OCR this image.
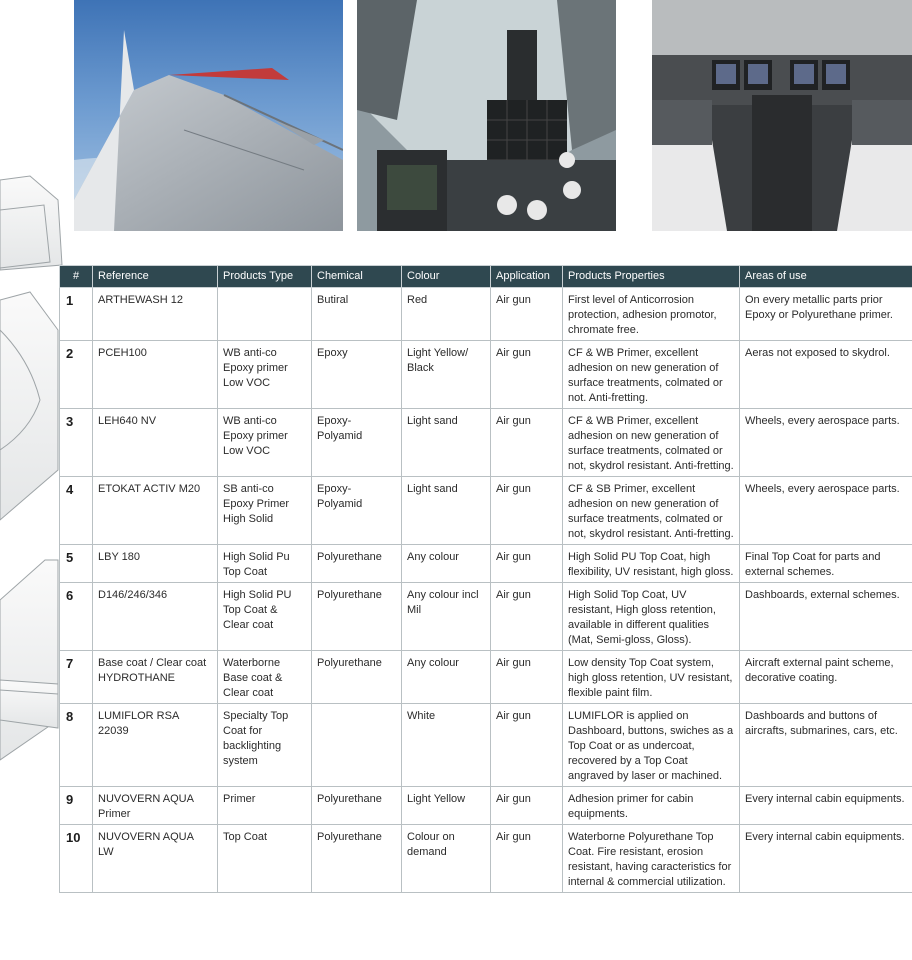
#	Reference	Products Type	Chemical	Colour	Application	Products Properties	Areas of use
1	ARTHEWASH 12		Butiral	Red	Air gun	First level of Anticorrosion protection, adhesion promotor, chromate free.	On every metallic parts prior Epoxy or Polyurethane primer.
2	PCEH100	WB anti-co Epoxy primer Low VOC	Epoxy	Light Yellow/ Black	Air gun	CF & WB Primer, excellent adhesion on new generation of surface treatments, colmated or not. Anti-fretting.	Aeras not exposed to skydrol.
3	LEH640 NV	WB anti-co Epoxy primer Low VOC	Epoxy-Polyamid	Light sand	Air gun	CF & WB Primer, excellent adhesion on new generation of surface treatments, colmated or not, skydrol resistant. Anti-fretting.	Wheels, every aerospace parts.
4	ETOKAT ACTIV M20	SB anti-co Epoxy Primer High Solid	Epoxy-Polyamid	Light sand	Air gun	CF & SB Primer, excellent adhesion on new generation of surface treatments, colmated or not, skydrol resistant. Anti-fretting.	Wheels, every aerospace parts.
5	LBY 180	High Solid Pu Top Coat	Polyurethane	Any colour	Air gun	High Solid PU Top Coat, high flexibility, UV resistant, high gloss.	Final Top Coat for parts and external schemes.
6	D146/246/346	High Solid PU Top Coat & Clear coat	Polyurethane	Any colour incl Mil	Air gun	High Solid Top Coat, UV resistant, High gloss retention, available in different qualities (Mat, Semi-gloss, Gloss).	Dashboards, external schemes.
7	Base coat / Clear coat HYDROTHANE	Waterborne Base coat & Clear coat	Polyurethane	Any colour	Air gun	Low density Top Coat system, high gloss retention, UV resistant, flexible paint film.	Aircraft external paint scheme, decorative coating.
8	LUMIFLOR RSA 22039	Specialty Top Coat for backlighting system		White	Air gun	LUMIFLOR is applied on Dashboard, buttons, swiches as a Top Coat or as undercoat, recovered by a Top Coat angraved by laser or machined.	Dashboards and buttons of aircrafts, submarines, cars, etc.
9	NUVOVERN AQUA Primer	Primer	Polyurethane	Light Yellow	Air gun	Adhesion primer for cabin equipments.	Every internal cabin equipments.
10	NUVOVERN AQUA LW	Top Coat	Polyurethane	Colour on demand	Air gun	Waterborne Polyurethane Top Coat. Fire resistant, erosion resistant, having caracteristics for internal & commercial utilization.	Every internal cabin equipments.
